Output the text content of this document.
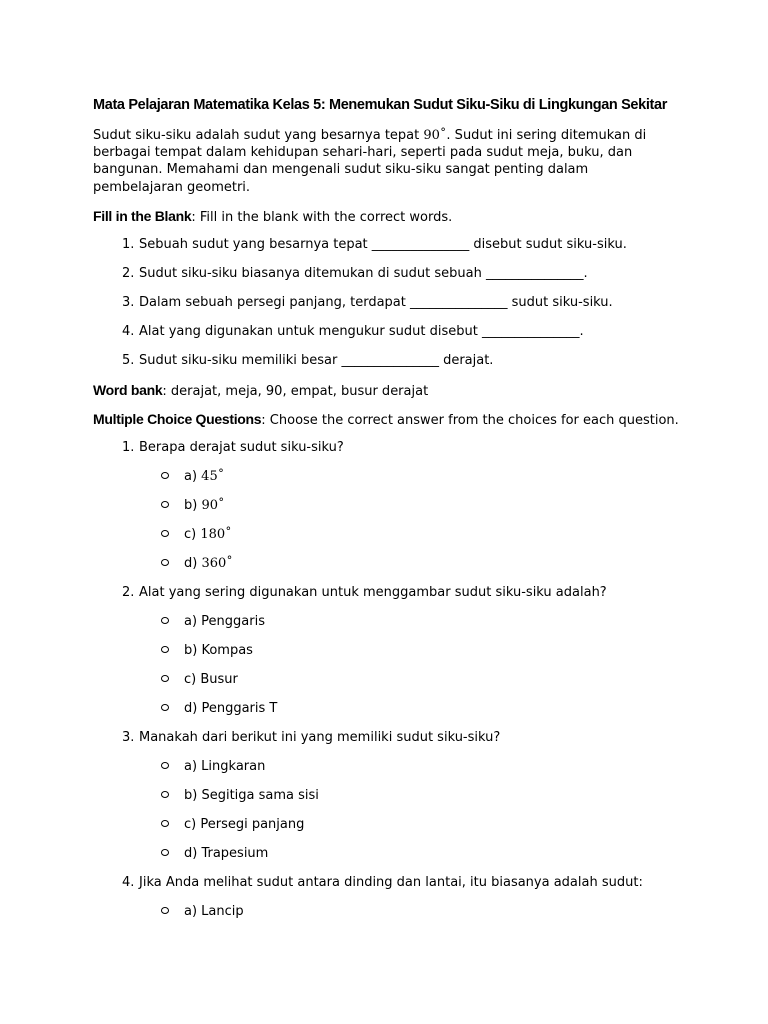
Mata Pelajaran Matematika Kelas 5: Menemukan Sudut Siku-Siku di Lingkungan Sekitar
Sudut siku-siku adalah sudut yang besarnya tepat 90˚. Sudut ini sering ditemukan di berbagai tempat dalam kehidupan sehari-hari, seperti pada sudut meja, buku, dan bangunan. Memahami dan mengenali sudut siku-siku sangat penting dalam pembelajaran geometri.
Fill in the Blank: Fill in the blank with the correct words.
1. Sebuah sudut yang besarnya tepat _______________ disebut sudut siku-siku.
2. Sudut siku-siku biasanya ditemukan di sudut sebuah _______________.
3. Dalam sebuah persegi panjang, terdapat _______________ sudut siku-siku.
4. Alat yang digunakan untuk mengukur sudut disebut _______________.
5. Sudut siku-siku memiliki besar _______________ derajat.
Word bank: derajat, meja, 90, empat, busur derajat
Multiple Choice Questions: Choose the correct answer from the choices for each question.
1. Berapa derajat sudut siku-siku?
a) 45˚
b) 90˚
c) 180˚
d) 360˚
2. Alat yang sering digunakan untuk menggambar sudut siku-siku adalah?
a) Penggaris
b) Kompas
c) Busur
d) Penggaris T
3. Manakah dari berikut ini yang memiliki sudut siku-siku?
a) Lingkaran
b) Segitiga sama sisi
c) Persegi panjang
d) Trapesium
4. Jika Anda melihat sudut antara dinding dan lantai, itu biasanya adalah sudut:
a) Lancip
